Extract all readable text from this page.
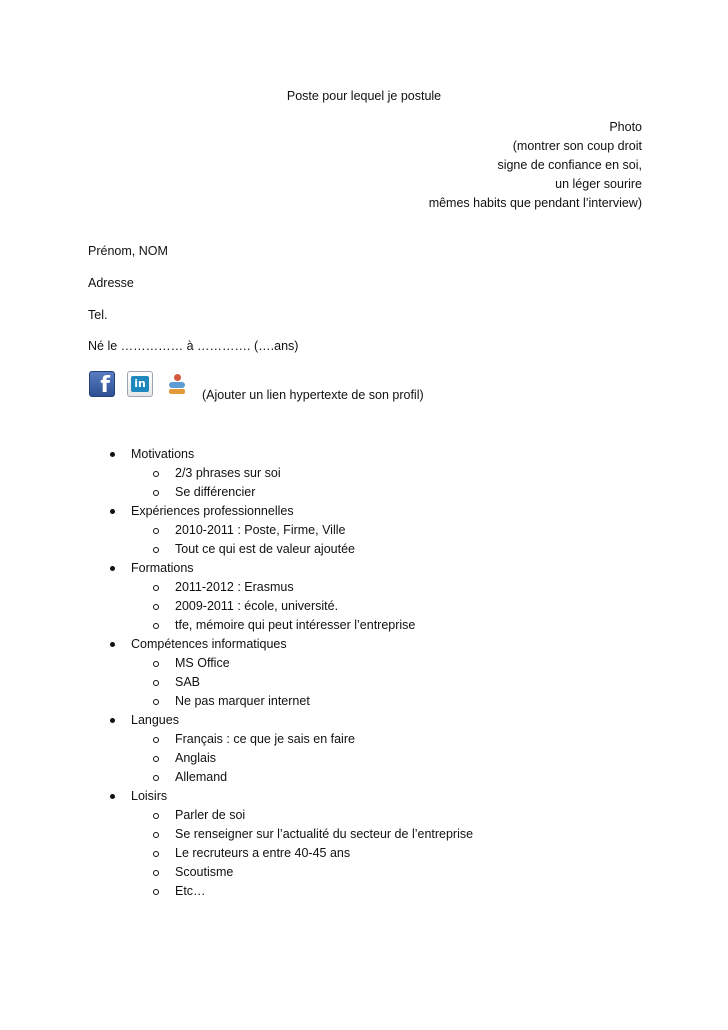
Poste pour lequel je postule
Photo
(montrer son coup droit
signe de confiance en soi,
un léger sourire
mêmes habits que pendant l’interview)
Prénom, NOM
Adresse
Tel.
Né le …………… à …………. (….ans)
f in
(Ajouter un lien hypertexte de son profil)
Motivations
2/3 phrases sur soi
Se différencier
Expériences professionnelles
2010-2011 : Poste, Firme, Ville
Tout ce qui est de valeur ajoutée
Formations
2011-2012 : Erasmus
2009-2011 : école, université.
tfe, mémoire qui peut intéresser l’entreprise
Compétences informatiques
MS Office
SAB
Ne pas marquer internet
Langues
Français : ce que je sais en faire
Anglais
Allemand
Loisirs
Parler de soi
Se renseigner sur l’actualité du secteur de l’entreprise
Le recruteurs a entre 40-45 ans
Scoutisme
Etc…
